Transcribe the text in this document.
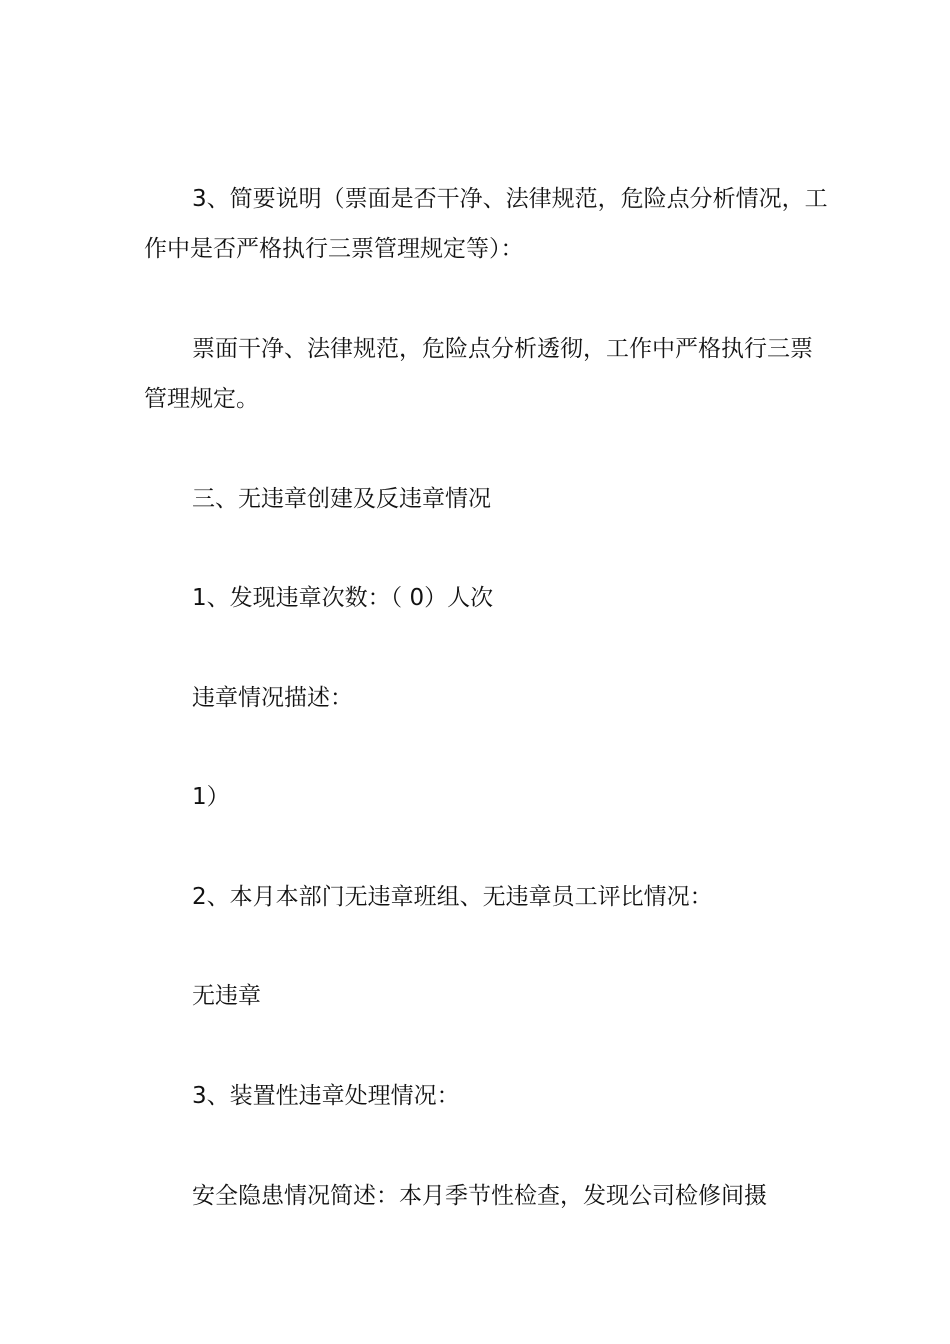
3、简要说明（票面是否干净、法律规范，危险点分析情况，工作中是否严格执行三票管理规定等）：

票面干净、法律规范，危险点分析透彻，工作中严格执行三票管理规定。

三、无违章创建及反违章情况

1、发现违章次数：（ 0）人次

违章情况描述：

1）

2、本月本部门无违章班组、无违章员工评比情况：

无违章

3、装置性违章处理情况：

安全隐患情况简述：本月季节性检查，发现公司检修间摄
